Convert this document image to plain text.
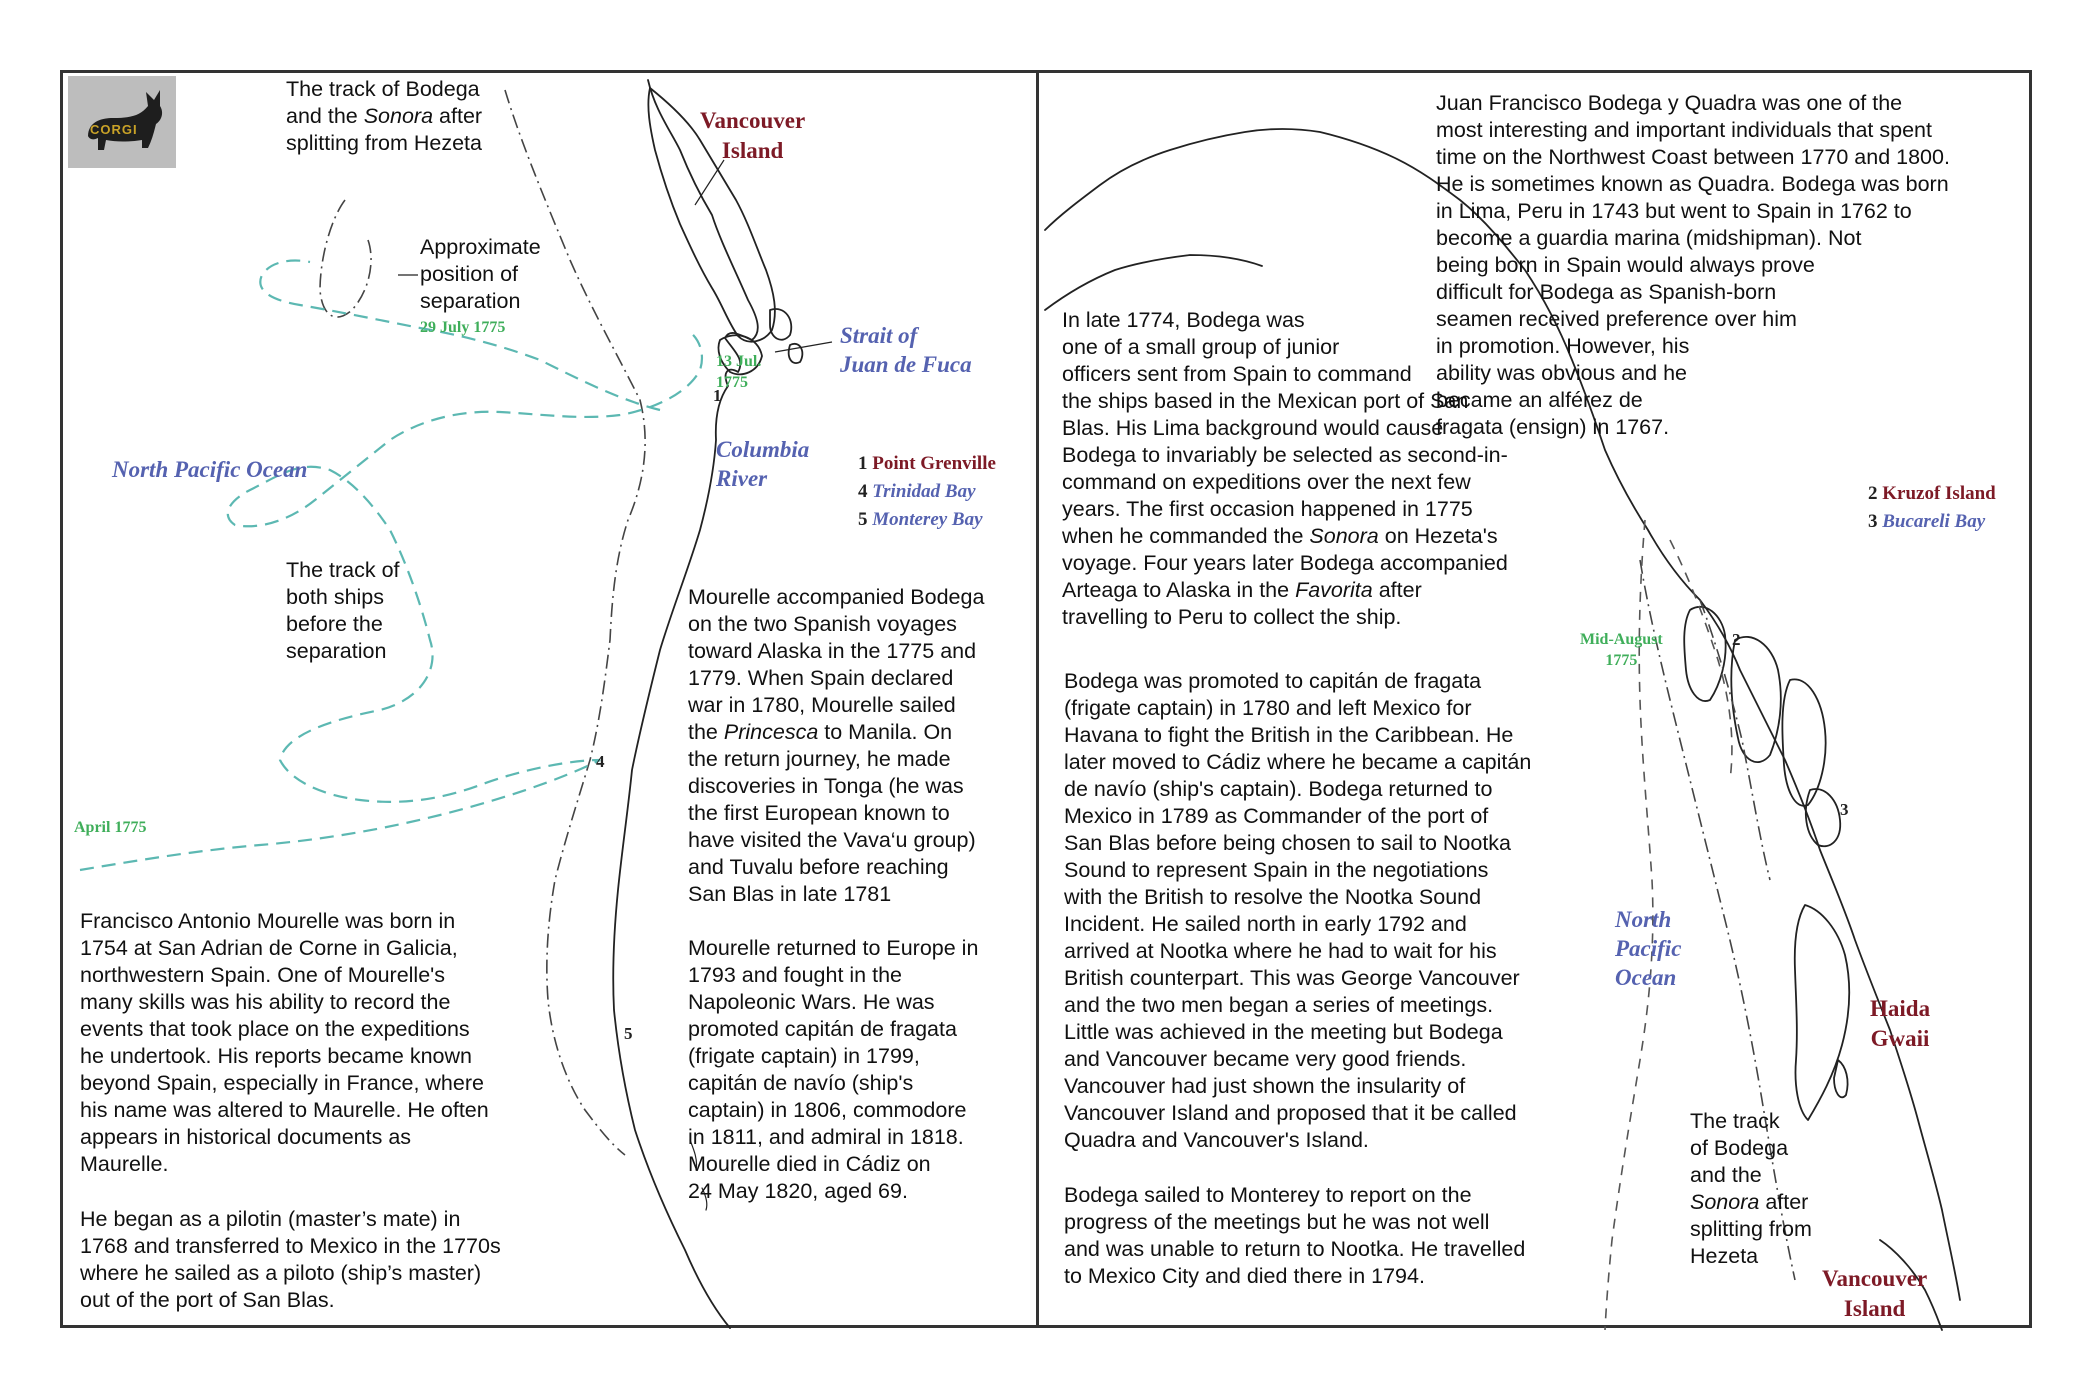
CORGI
The track of Bodega
and the Sonora after
splitting from Hezeta
Approximate
position of
separation
29 July 1775
Vancouver
Island
Strait of
Juan de Fuca
13 Jul.
1775
Columbia
River
North Pacific Ocean
1
4
5
1 Point Grenville
4 Trinidad Bay
5 Monterey Bay
The track of
both ships
before the
separation
April 1775
Mourelle accompanied Bodega
on the two Spanish voyages
toward Alaska in the 1775 and
1779. When Spain declared
war in 1780, Mourelle sailed
the Princesca to Manila. On
the return journey, he made
discoveries in Tonga (he was
the first European known to
have visited the Vava‘u group)
and Tuvalu before reaching
San Blas in late 1781
Mourelle returned to Europe in
1793 and fought in the
Napoleonic Wars. He was
promoted capitán de fragata
(frigate captain) in 1799,
capitán de navío (ship's
captain) in 1806, commodore
in 1811, and admiral in 1818.
Mourelle died in Cádiz on
24 May 1820, aged 69.
Francisco Antonio Mourelle was born in
1754 at San Adrian de Corne in Galicia,
northwestern Spain. One of Mourelle's
many skills was his ability to record the
events that took place on the expeditions
he undertook. His reports became known
beyond Spain, especially in France, where
his name was altered to Maurelle. He often
appears in historical documents as
Maurelle.
He began as a pilotin (master’s mate) in
1768 and transferred to Mexico in the 1770s
where he sailed as a piloto (ship’s master)
out of the port of San Blas.
Juan Francisco Bodega y Quadra was one of the
most interesting and important individuals that spent
time on the Northwest Coast between 1770 and 1800.
He is sometimes known as Quadra. Bodega was born
in Lima, Peru in 1743 but went to Spain in 1762 to
become a guardia marina (midshipman). Not
being born in Spain would always prove
difficult for Bodega as Spanish-born
seamen received preference over him
in promotion. However, his
ability was obvious and he
became an alférez de
fragata (ensign) in 1767.
In late 1774, Bodega was
one of a small group of junior
officers sent from Spain to command
the ships based in the Mexican port of San
Blas. His Lima background would cause
Bodega to invariably be selected as second-in-
command on expeditions over the next few
years. The first occasion happened in 1775
when he commanded the Sonora on Hezeta's
voyage. Four years later Bodega accompanied
Arteaga to Alaska in the Favorita after
travelling to Peru to collect the ship.
Bodega was promoted to capitán de fragata
(frigate captain) in 1780 and left Mexico for
Havana to fight the British in the Caribbean. He
later moved to Cádiz where he became a capitán
de navío (ship's captain). Bodega returned to
Mexico in 1789 as Commander of the port of
San Blas before being chosen to sail to Nootka
Sound to represent Spain in the negotiations
with the British to resolve the Nootka Sound
Incident. He sailed north in early 1792 and
arrived at Nootka where he had to wait for his
British counterpart. This was George Vancouver
and the two men began a series of meetings.
Little was achieved in the meeting but Bodega
and Vancouver became very good friends.
Vancouver had just shown the insularity of
Vancouver Island and proposed that it be called
Quadra and Vancouver's Island.
Bodega sailed to Monterey to report on the
progress of the meetings but he was not well
and was unable to return to Nootka. He travelled
to Mexico City and died there in 1794.
2 Kruzof Island
3 Bucareli Bay
Mid-August
1775
2
3
North
Pacific
Ocean
Haida
Gwaii
Vancouver
Island
The track
of Bodega
and the
Sonora after
splitting from
Hezeta
